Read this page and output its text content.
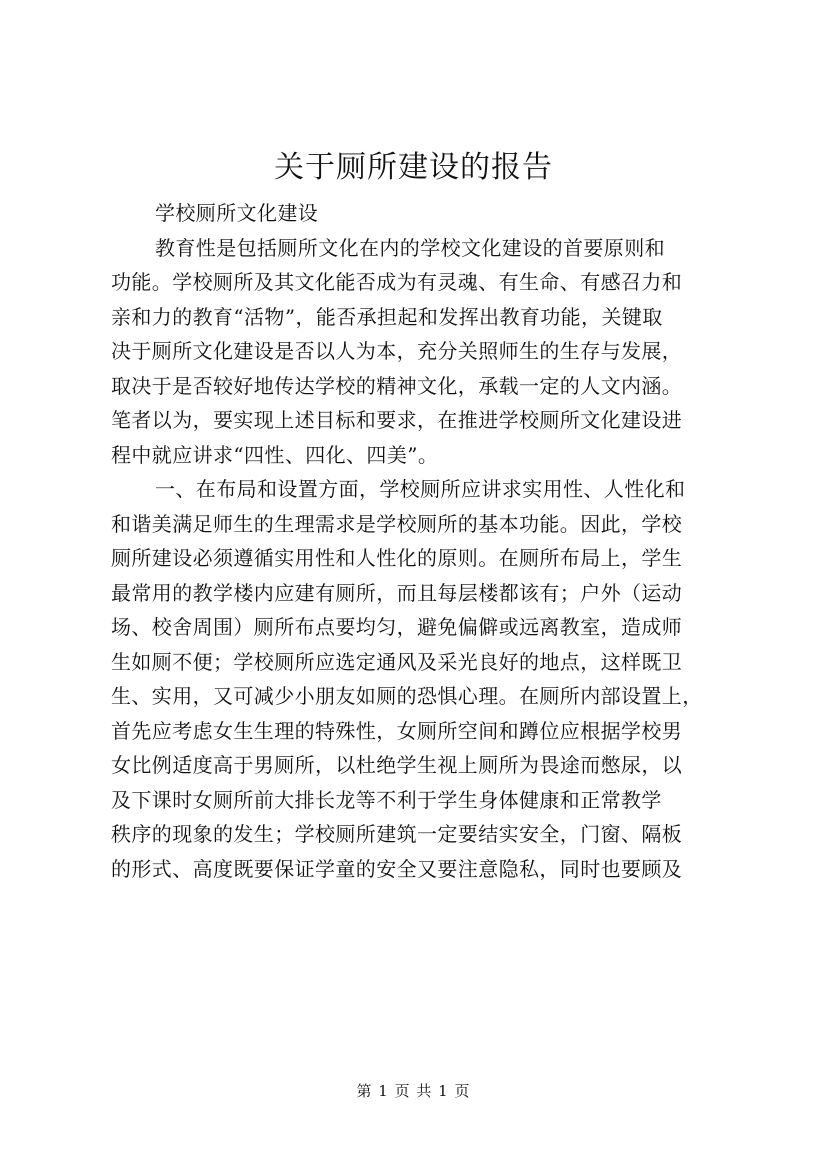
关于厕所建设的报告
学校厕所文化建设
教育性是包括厕所文化在内的学校文化建设的首要原则和
功能。学校厕所及其文化能否成为有灵魂、有生命、有感召力和
亲和力的教育“活物”，能否承担起和发挥出教育功能，关键取
决于厕所文化建设是否以人为本，充分关照师生的生存与发展，
取决于是否较好地传达学校的精神文化，承载一定的人文内涵。
笔者以为，要实现上述目标和要求，在推进学校厕所文化建设进
程中就应讲求“四性、四化、四美”。
一、在布局和设置方面，学校厕所应讲求实用性、人性化和
和谐美满足师生的生理需求是学校厕所的基本功能。因此，学校
厕所建设必须遵循实用性和人性化的原则。在厕所布局上，学生
最常用的教学楼内应建有厕所，而且每层楼都该有；户外（运动
场、校舍周围）厕所布点要均匀，避免偏僻或远离教室，造成师
生如厕不便；学校厕所应选定通风及采光良好的地点，这样既卫
生、实用，又可减少小朋友如厕的恐惧心理。在厕所内部设置上，
首先应考虑女生生理的特殊性，女厕所空间和蹲位应根据学校男
女比例适度高于男厕所，以杜绝学生视上厕所为畏途而憋尿，以
及下课时女厕所前大排长龙等不利于学生身体健康和正常教学
秩序的现象的发生；学校厕所建筑一定要结实安全，门窗、隔板
的形式、高度既要保证学童的安全又要注意隐私，同时也要顾及
第 1 页 共 1 页
